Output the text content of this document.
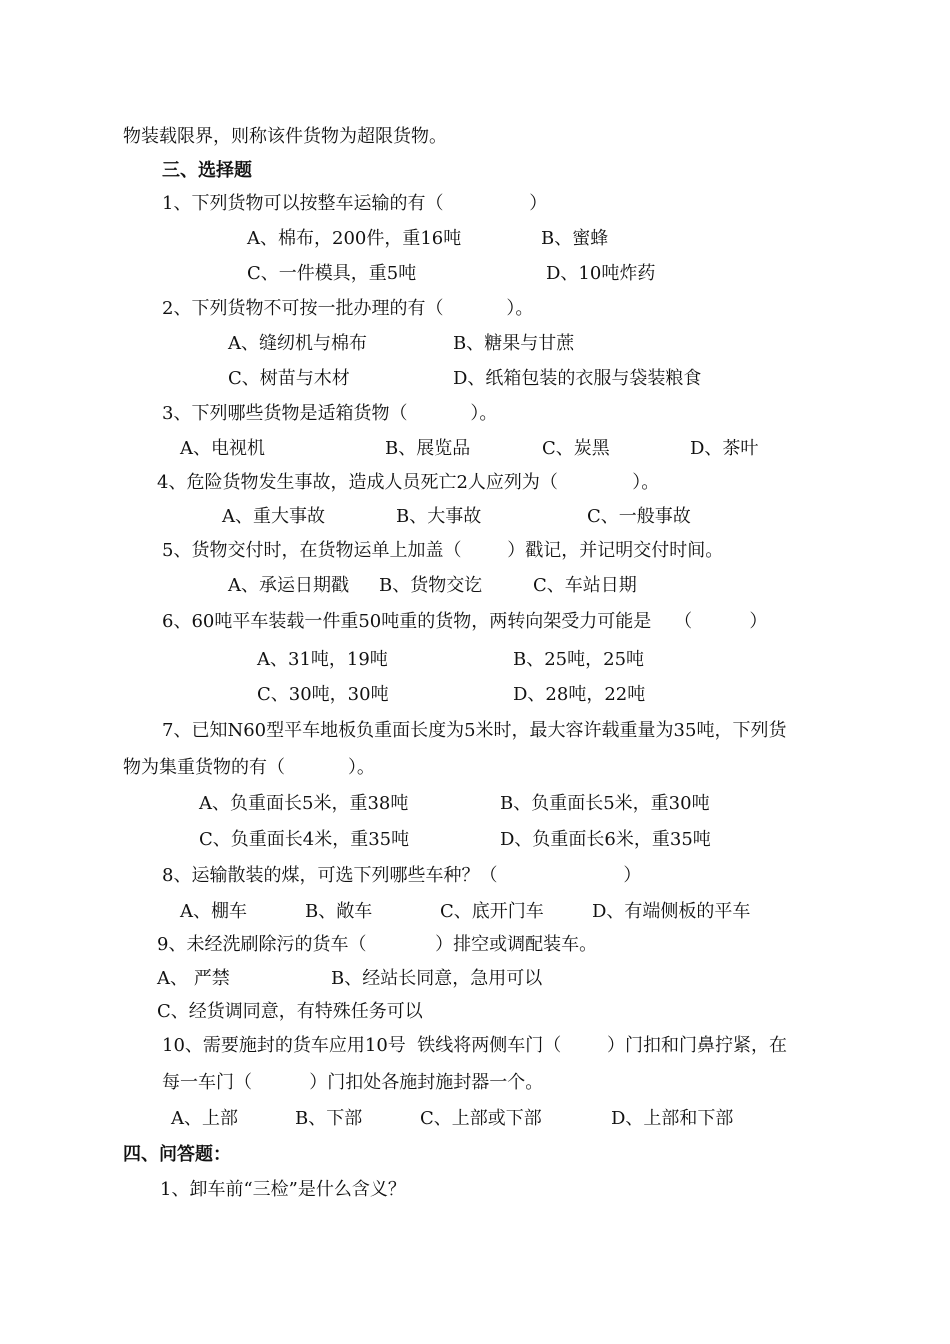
物装载限界，则称该件货物为超限货物。

三、选择题

1、下列货物可以按整车运输的有（               ）

A、棉布，200件，重16吨	B、蜜蜂

C、一件模具，重5吨	D、10吨炸药

2、下列货物不可按一批办理的有（           ）。

A、缝纫机与棉布	B、糖果与甘蔗

C、树苗与木材	D、纸箱包装的衣服与袋装粮食

3、下列哪些货物是适箱货物（           ）。

A、电视机	B、展览品	C、炭黑	D、茶叶

4、危险货物发生事故，造成人员死亡2人应列为（             ）。

A、重大事故	B、大事故	C、一般事故

5、货物交付时，在货物运单上加盖（        ）戳记，并记明交付时间。

A、承运日期戳 B、货物交讫	C、车站日期

6、60吨平车装载一件重50吨重的货物，两转向架受力可能是    （          ）

A、31吨，19吨	B、25吨，25吨

C、30吨，30吨	D、28吨，22吨

7、已知N60型平车地板负重面长度为5米时，最大容许载重量为35吨，下列货

物为集重货物的有（           ）。

A、负重面长5米，重38吨	B、负重面长5米，重30吨

C、负重面长4米，重35吨	D、负重面长6米，重35吨

8、运输散装的煤，可选下列哪些车种？（                      ）

A、棚车	B、敞车	C、底开门车	D、有端侧板的平车

9、未经洗刷除污的货车（            ）排空或调配装车。

A、 严禁	B、经站长同意，急用可以

C、经货调同意，有特殊任务可以

10、需要施封的货车应用10号  铁线将两侧车门（        ）门扣和门鼻拧紧，在

每一车门（          ）门扣处各施封施封器一个。

A、上部	B、下部	C、上部或下部	D、上部和下部

四、问答题：

1、卸车前“三检”是什么含义？
